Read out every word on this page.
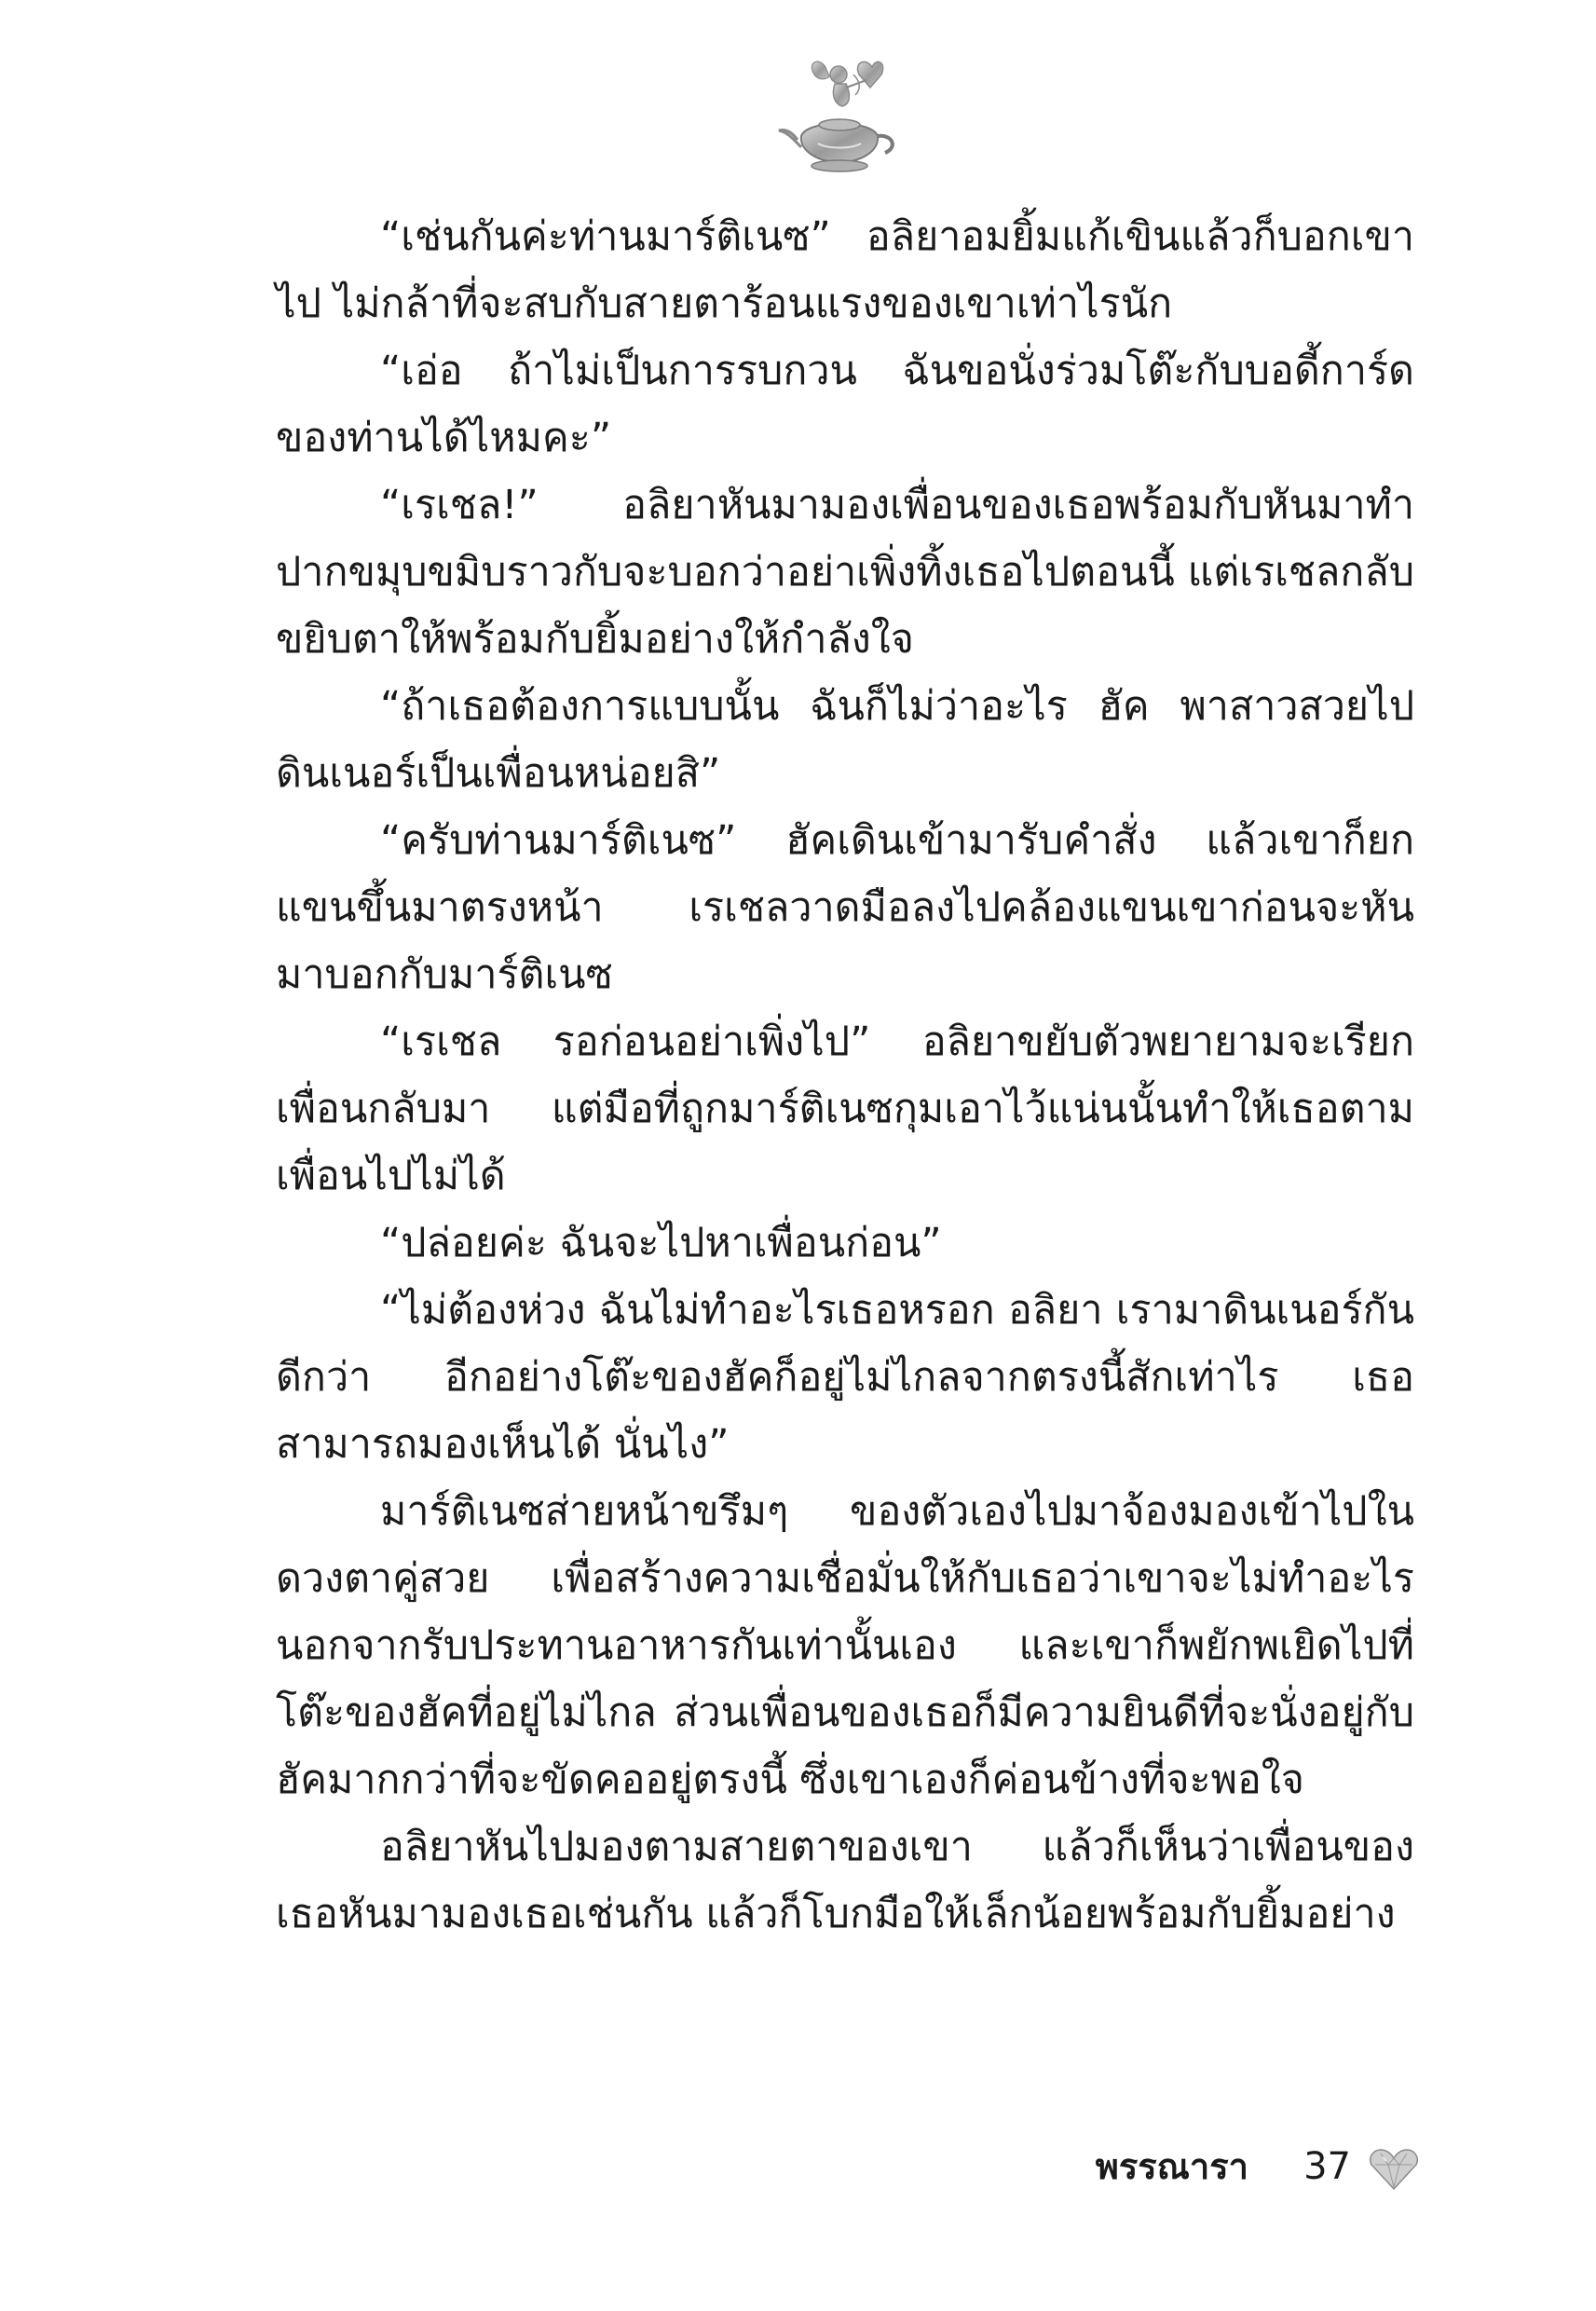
“เช่นกันค่ะท่านมาร์ติเนซ” อลิยาอมยิ้มแก้เขินแล้วก็บอกเขาไป ไม่กล้าที่จะสบกับสายตาร้อนแรงของเขาเท่าไรนัก

“เอ่อ ถ้าไม่เป็นการรบกวน ฉันขอนั่งร่วมโต๊ะกับบอดี้การ์ดของท่านได้ไหมคะ”

“เรเชล!” อลิยาหันมามองเพื่อนของเธอพร้อมกับหันมาทำปากขมุบขมิบราวกับจะบอกว่าอย่าเพิ่งทิ้งเธอไปตอนนี้ แต่เรเชลกลับขยิบตาให้พร้อมกับยิ้มอย่างให้กำลังใจ

“ถ้าเธอต้องการแบบนั้น ฉันก็ไม่ว่าอะไร ฮัค พาสาวสวยไปดินเนอร์เป็นเพื่อนหน่อยสิ”

“ครับท่านมาร์ติเนซ” ฮัคเดินเข้ามารับคำสั่ง แล้วเขาก็ยกแขนขึ้นมาตรงหน้า เรเชลวาดมือลงไปคล้องแขนเขาก่อนจะหันมาบอกกับมาร์ติเนซ

“เรเชล รอก่อนอย่าเพิ่งไป” อลิยาขยับตัวพยายามจะเรียกเพื่อนกลับมา แต่มือที่ถูกมาร์ติเนซกุมเอาไว้แน่นนั้นทำให้เธอตามเพื่อนไปไม่ได้

“ปล่อยค่ะ ฉันจะไปหาเพื่อนก่อน”

“ไม่ต้องห่วง ฉันไม่ทำอะไรเธอหรอก อลิยา เรามาดินเนอร์กันดีกว่า อีกอย่างโต๊ะของฮัคก็อยู่ไม่ไกลจากตรงนี้สักเท่าไร เธอสามารถมองเห็นได้ นั่นไง”

มาร์ติเนซส่ายหน้าขรึมๆ ของตัวเองไปมาจ้องมองเข้าไปในดวงตาคู่สวย เพื่อสร้างความเชื่อมั่นให้กับเธอว่าเขาจะไม่ทำอะไรนอกจากรับประทานอาหารกันเท่านั้นเอง และเขาก็พยักพเยิดไปที่โต๊ะของฮัคที่อยู่ไม่ไกล ส่วนเพื่อนของเธอก็มีความยินดีที่จะนั่งอยู่กับฮัคมากกว่าที่จะขัดคออยู่ตรงนี้ ซึ่งเขาเองก็ค่อนข้างที่จะพอใจ

อลิยาหันไปมองตามสายตาของเขา แล้วก็เห็นว่าเพื่อนของเธอหันมามองเธอเช่นกัน แล้วก็โบกมือให้เล็กน้อยพร้อมกับยิ้มอย่าง

พรรณารา 37
